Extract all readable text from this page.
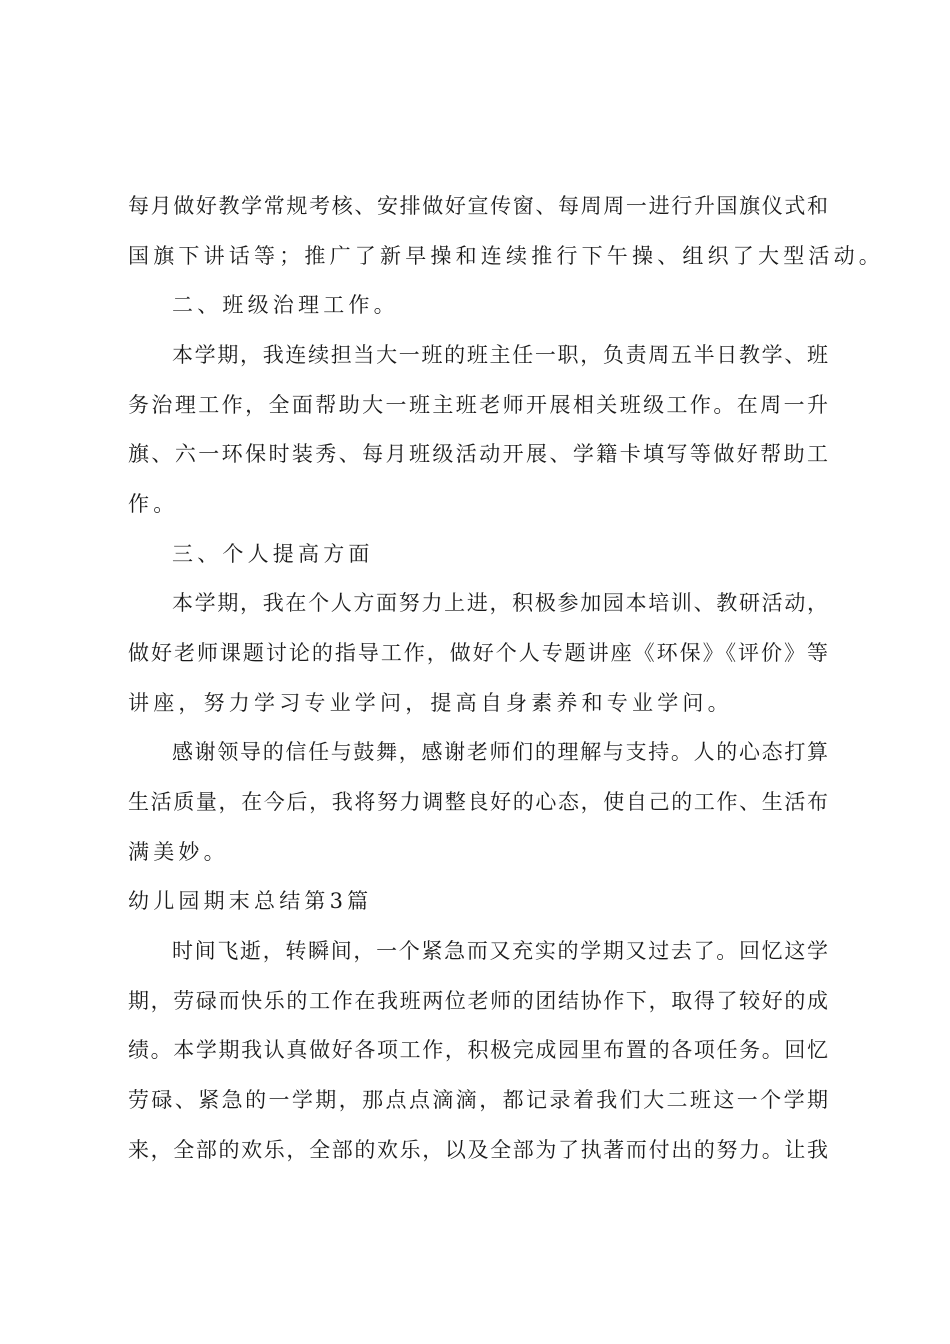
每月做好教学常规考核、安排做好宣传窗、每周周一进行升国旗仪式和
国旗下讲话等；推广了新早操和连续推行下午操、组织了大型活动。
二、班级治理工作。
本学期，我连续担当大一班的班主任一职，负责周五半日教学、班
务治理工作，全面帮助大一班主班老师开展相关班级工作。在周一升
旗、六一环保时装秀、每月班级活动开展、学籍卡填写等做好帮助工
作。
三、个人提高方面
本学期，我在个人方面努力上进，积极参加园本培训、教研活动，
做好老师课题讨论的指导工作，做好个人专题讲座《环保》《评价》等
讲座，努力学习专业学问，提高自身素养和专业学问。
感谢领导的信任与鼓舞，感谢老师们的理解与支持。人的心态打算
生活质量，在今后，我将努力调整良好的心态，使自己的工作、生活布
满美妙。
幼儿园期末总结第3篇
时间飞逝，转瞬间，一个紧急而又充实的学期又过去了。回忆这学
期，劳碌而快乐的工作在我班两位老师的团结协作下，取得了较好的成
绩。本学期我认真做好各项工作，积极完成园里布置的各项任务。回忆
劳碌、紧急的一学期，那点点滴滴，都记录着我们大二班这一个学期
来，全部的欢乐，全部的欢乐，以及全部为了执著而付出的努力。让我
